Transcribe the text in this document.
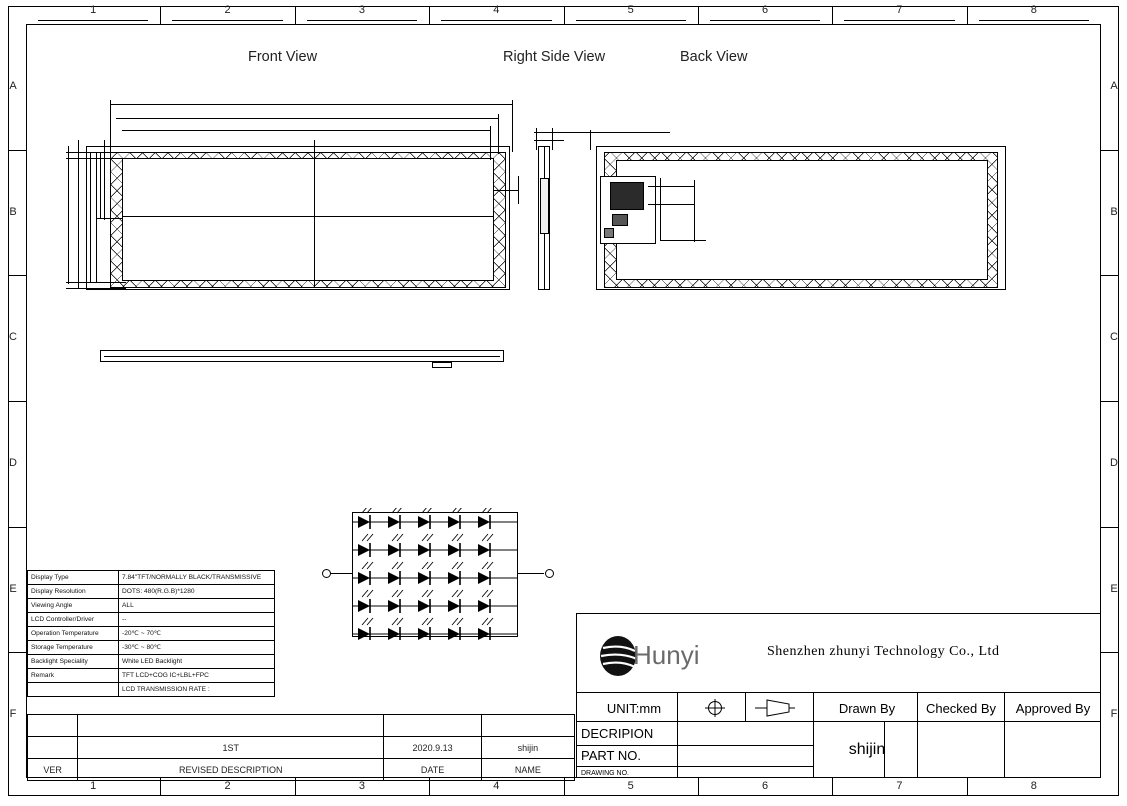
1
1
2
2
3
3
4
4
5
5
6
6
7
7
8
8
A	A
B	B
C	C
D	D
E	E
F	F
Front View	Right Side View	Back View
Display Type	7.84"TFT/NORMALLY BLACK/TRANSMISSIVE
Display Resolution	DOTS: 480(R.G.B)*1280
Viewing Angle	ALL
LCD Controller/Driver	--
Operation Temperature	-20℃ ~ 70℃
Storage Temperature	-30℃ ~ 80℃
Backlight Speciality	White LED Backlight
Remark	TFT LCD+COG IC+LBL+FPC
	LCD TRANSMISSION RATE :

	1ST	2020.9.13	shijin
VER	REVISED DESCRIPTION	DATE	NAME
Hunyi	Shenzhen zhunyi Technology Co., Ltd
UNIT:mm	Drawn By	Checked By	Approved By
shijin
DECRIPION
PART NO.
DRAWING NO.
